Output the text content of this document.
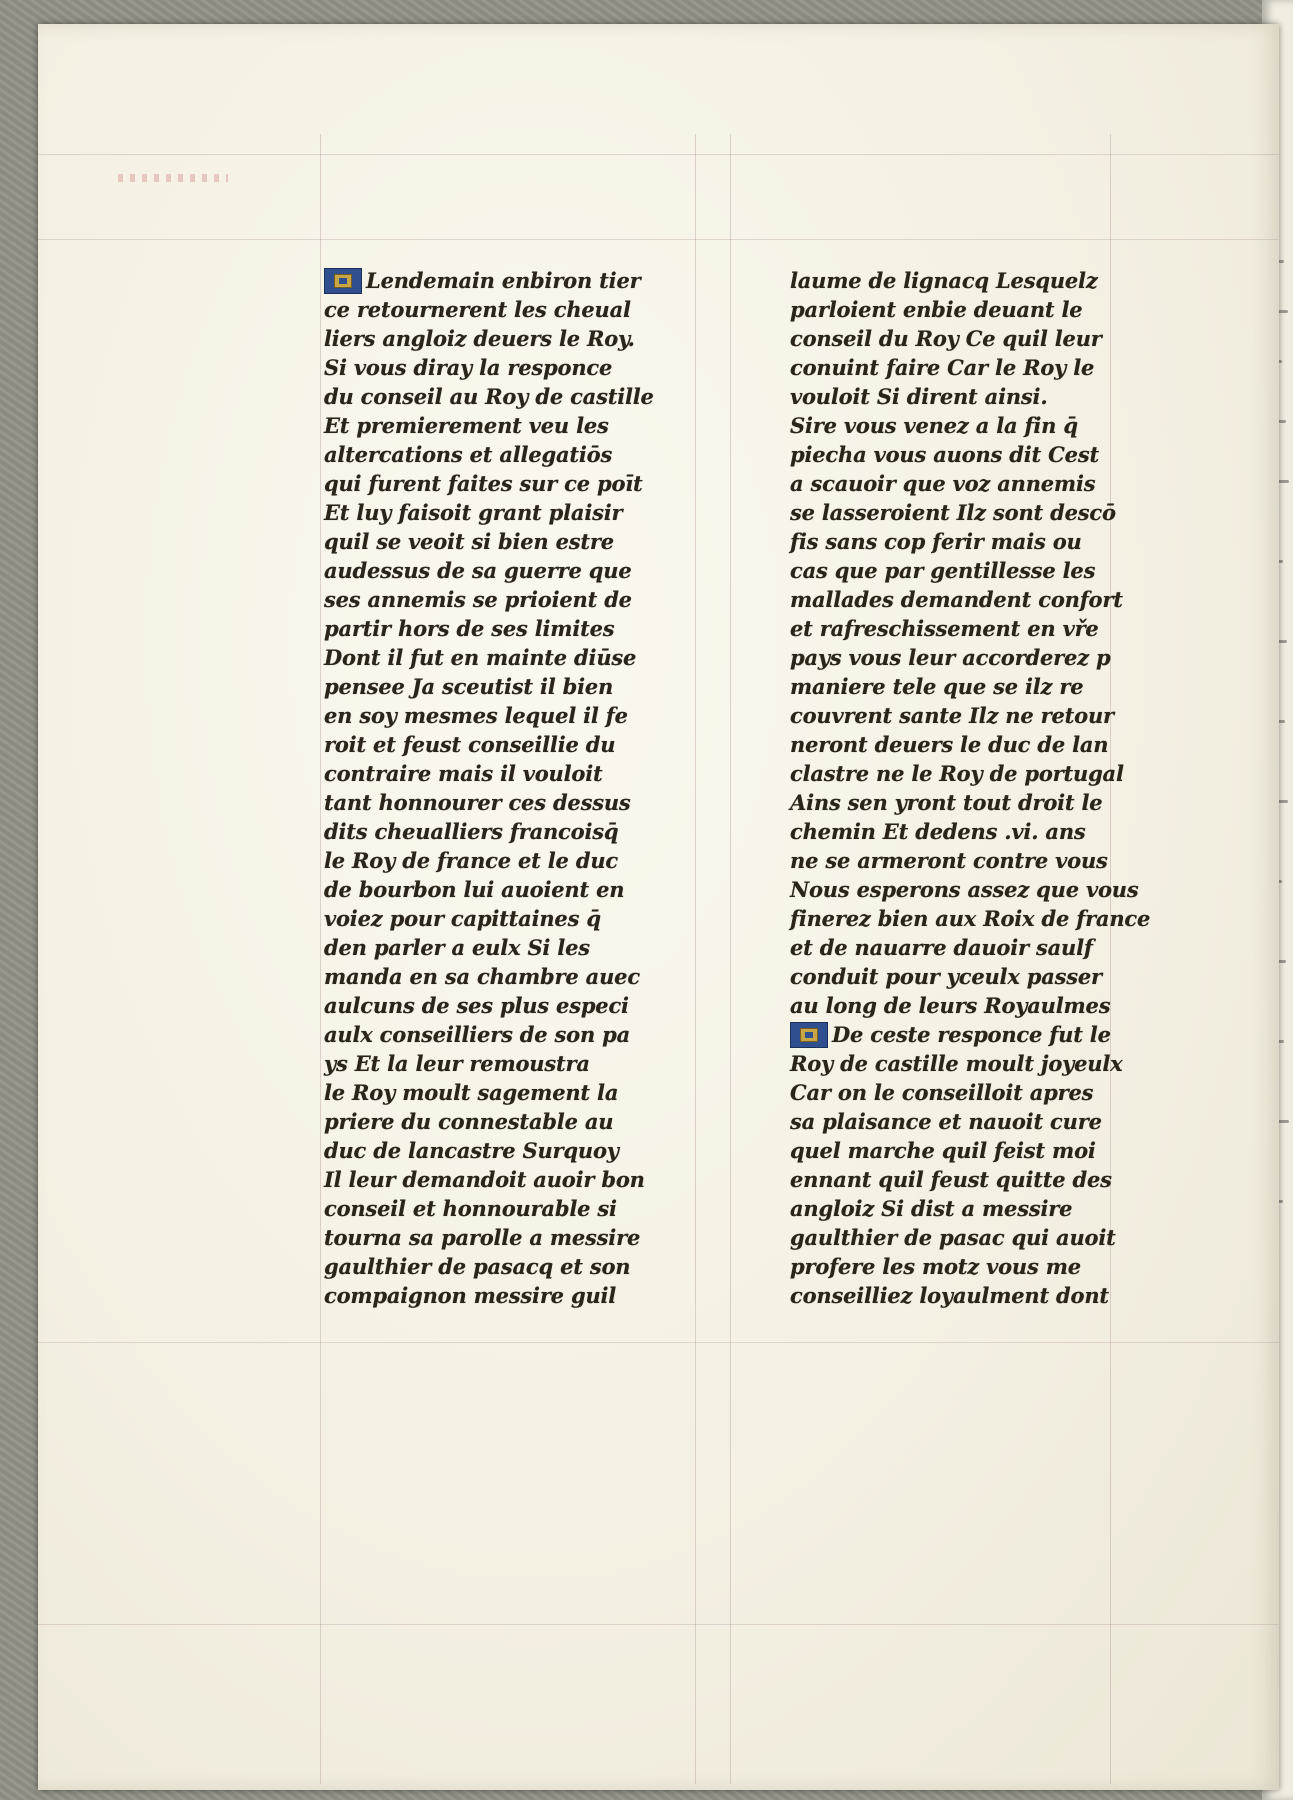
Lendemain enbiron tier
ce retournerent les cheual
liers angloiz deuers le Roy.
Si vous diray la responce
du conseil au Roy de castille
Et premierement veu les
altercations et allegatiōs
qui furent faites sur ce poīt
Et luy faisoit grant plaisir
quil se veoit si bien estre
audessus de sa guerre que
ses annemis se prioient de
partir hors de ses limites
Dont il fut en mainte diūse
pensee Ja sceutist il bien
en soy mesmes lequel il fe
roit et feust conseillie du
contraire mais il vouloit
tant honnourer ces dessus
dits cheualliers francoisq̄
le Roy de france et le duc
de bourbon lui auoient en
voiez pour capittaines q̄
den parler a eulx Si les
manda en sa chambre auec
aulcuns de ses plus especi
aulx conseilliers de son pa
ys Et la leur remoustra
le Roy moult sagement la
priere du connestable au
duc de lancastre Surquoy
Il leur demandoit auoir bon
conseil et honnourable si
tourna sa parolle a messire
gaulthier de pasacq et son
compaignon messire guil
laume de lignacq Lesquelz
parloient enbie deuant le
conseil du Roy Ce quil leur
conuint faire Car le Roy le
vouloit Si dirent ainsi.
Sire vous venez a la fin q̄
piecha vous auons dit Cest
a scauoir que voz annemis
se lasseroient Ilz sont descō
fis sans cop ferir mais ou
cas que par gentillesse les
mallades demandent confort
et rafreschissement en vře
pays vous leur accorderez p
maniere tele que se ilz re
couvrent sante Ilz ne retour
neront deuers le duc de lan
clastre ne le Roy de portugal
Ains sen yront tout droit le
chemin Et dedens .vi. ans
ne se armeront contre vous
Nous esperons assez que vous
finerez bien aux Roix de france
et de nauarre dauoir saulf
conduit pour yceulx passer
au long de leurs Royaulmes
De ceste responce fut le
Roy de castille moult joyeulx
Car on le conseilloit apres
sa plaisance et nauoit cure
quel marche quil feist moi
ennant quil feust quitte des
angloiz Si dist a messire
gaulthier de pasac qui auoit
profere les motz vous me
conseilliez loyaulment dont
